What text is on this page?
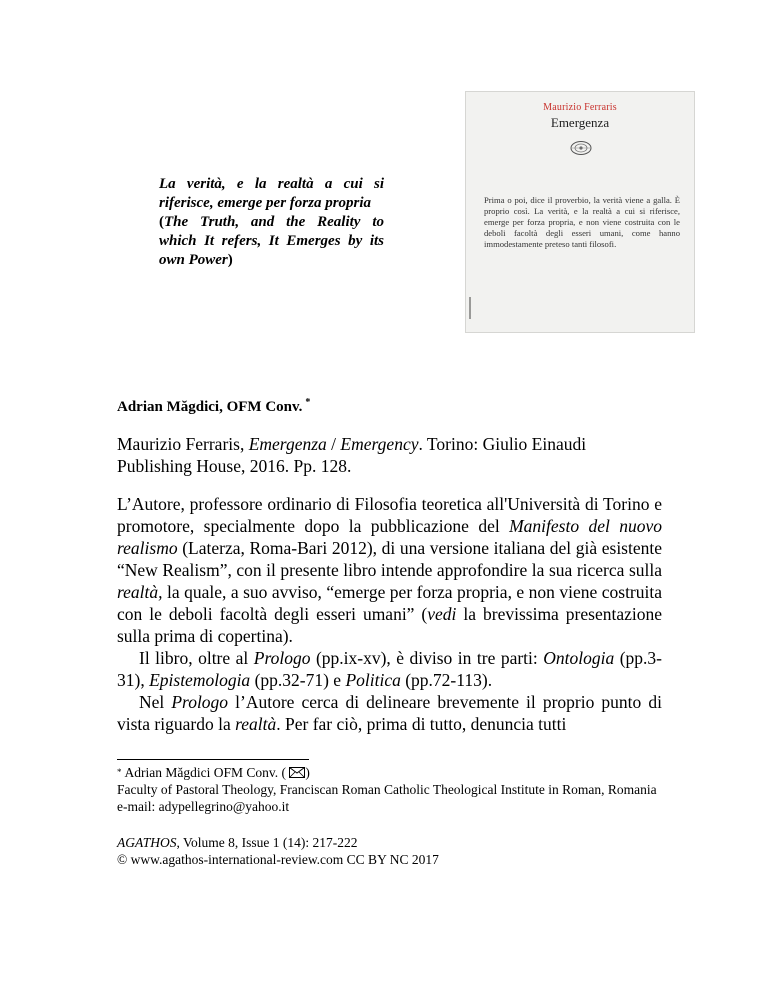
La verità, e la realtà a cui si riferisce, emerge per forza propria
(The Truth, and the Reality to which It refers, It Emerges by its own Power)
Maurizio Ferraris
Emergenza
Prima o poi, dice il proverbio, la verità viene a galla. È proprio così. La verità, e la realtà a cui si riferisce, emerge per forza propria, e non viene costruita con le deboli facoltà degli esseri umani, come hanno immodestamente preteso tanti filosofi.
Adrian Măgdici, OFM Conv. *
Maurizio Ferraris, Emergenza / Emergency. Torino: Giulio Einaudi Publishing House, 2016. Pp. 128.

L’Autore, professore ordinario di Filosofia teoretica all'Università di Torino e promotore, specialmente dopo la pubblicazione del Manifesto del nuovo realismo (Laterza, Roma-Bari 2012), di una versione italiana del già esistente “New Realism”, con il presente libro intende approfondire la sua ricerca sulla realtà, la quale, a suo avviso, “emerge per forza propria, e non viene costruita con le deboli facoltà degli esseri umani” (vedi la brevissima presentazione sulla prima di copertina).

Il libro, oltre al Prologo (pp.ix-xv), è diviso in tre parti: Ontologia (pp.3-31), Epistemologia (pp.32-71) e Politica (pp.72-113).

Nel Prologo l’Autore cerca di delineare brevemente il proprio punto di vista riguardo la realtà. Per far ciò, prima di tutto, denuncia tutti

* Adrian Măgdici OFM Conv. ( )
Faculty of Pastoral Theology, Franciscan Roman Catholic Theological Institute in Roman, Romania
e-mail: adypellegrino@yahoo.it
AGATHOS, Volume 8, Issue 1 (14): 217-222
© www.agathos-international-review.com CC BY NC 2017
